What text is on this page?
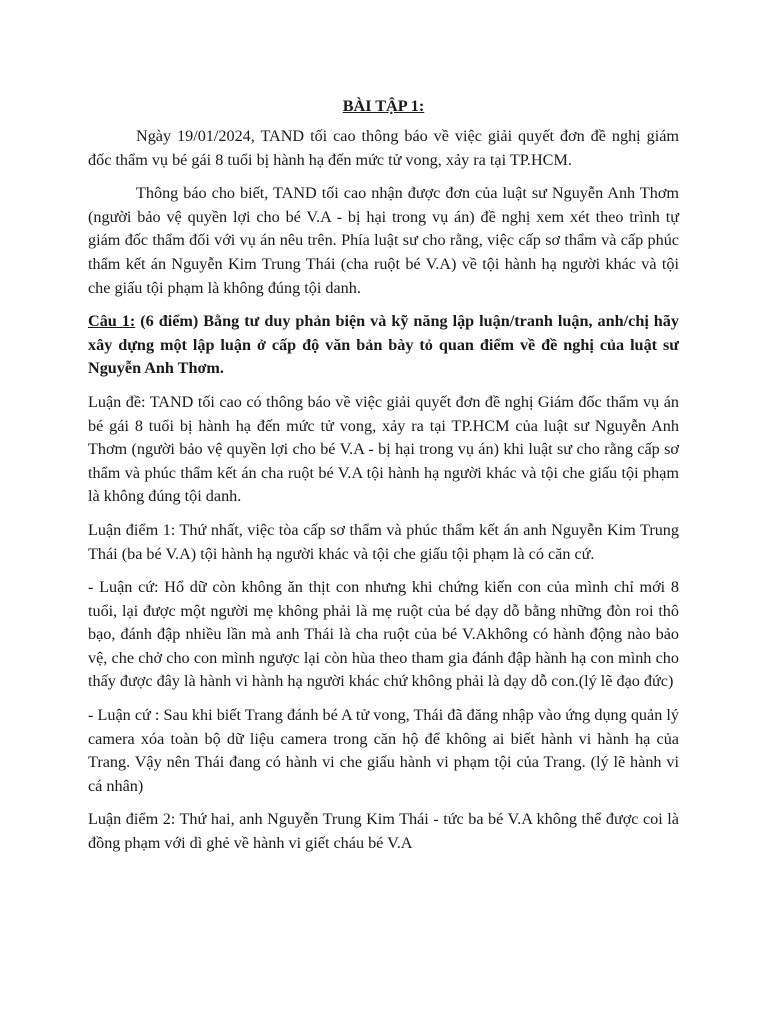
BÀI TẬP 1:

Ngày 19/01/2024, TAND tối cao thông báo về việc giải quyết đơn đề nghị giám đốc thẩm vụ bé gái 8 tuổi bị hành hạ đến mức tử vong, xảy ra tại TP.HCM.

Thông báo cho biết, TAND tối cao nhận được đơn của luật sư Nguyễn Anh Thơm (người bảo vệ quyền lợi cho bé V.A - bị hại trong vụ án) đề nghị xem xét theo trình tự giám đốc thẩm đối với vụ án nêu trên. Phía luật sư cho rằng, việc cấp sơ thẩm và cấp phúc thẩm kết án Nguyễn Kim Trung Thái (cha ruột bé V.A) về tội hành hạ người khác và tội che giấu tội phạm là không đúng tội danh.

Câu 1: (6 điểm) Bằng tư duy phản biện và kỹ năng lập luận/tranh luận, anh/chị hãy xây dựng một lập luận ở cấp độ văn bản bày tỏ quan điểm về đề nghị của luật sư Nguyễn Anh Thơm.

Luận đề: TAND tối cao có thông báo về việc giải quyết đơn đề nghị Giám đốc thẩm vụ án bé gái 8 tuổi bị hành hạ đến mức tử vong, xảy ra tại TP.HCM của luật sư Nguyễn Anh Thơm (người bảo vệ quyền lợi cho bé V.A - bị hại trong vụ án) khi luật sư cho rằng cấp sơ thẩm và phúc thẩm kết án cha ruột bé V.A tội hành hạ người khác và tội che giấu tội phạm là không đúng tội danh.

Luận điểm 1: Thứ nhất, việc tòa cấp sơ thẩm và phúc thẩm kết án anh Nguyễn Kim Trung Thái (ba bé V.A) tội hành hạ người khác và tội che giấu tội phạm là có căn cứ.

- Luận cứ: Hổ dữ còn không ăn thịt con nhưng khi chứng kiến con của mình chỉ mới 8 tuổi, lại được một người mẹ không phải là mẹ ruột của bé dạy dỗ bằng những đòn roi thô bạo, đánh đập nhiều lần mà anh Thái là cha ruột của bé V.Akhông có hành động nào bảo vệ, che chở cho con mình ngược lại còn hùa theo tham gia đánh đập hành hạ con mình cho thấy được đây là hành vi hành hạ người khác chứ không phải là dạy dỗ con.(lý lẽ đạo đức)

- Luận cứ : Sau khi biết Trang đánh bé A tử vong, Thái đã đăng nhập vào ứng dụng quản lý camera xóa toàn bộ dữ liệu camera trong căn hộ để không ai biết hành vi hành hạ của Trang. Vậy nên Thái đang có hành vi che giấu hành vi phạm tội của Trang. (lý lẽ hành vi cá nhân)

Luận điểm 2: Thứ hai, anh Nguyễn Trung Kim Thái - tức ba bé V.A không thể được coi là đồng phạm với dì ghẻ về hành vi giết cháu bé V.A
